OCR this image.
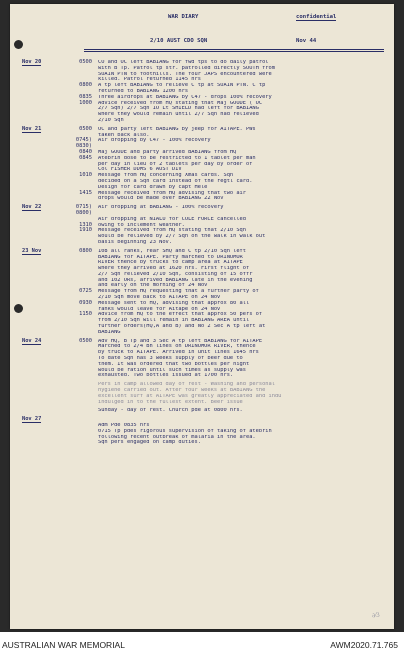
WAR DIARY	confidential
2/10 AUST CDO SQN	Nov 44
Nov 20	0500	CO and OC left BABIANG for fwd tps to do daily patrol
with B Tp. Patrol tp str. patrolled directly SOUTH from
SUAIN PTN to foothills. The four JAPS encountered were
killed. Patrol returned 1145 hrs
0800	A tp left BABIANG to relieve C tp at SUAIN PTN. C tp
returned to BABIANG 1200 hrs
0835	Three airdrops at BABIANG by C47 - drops 100% recovery
1000	Advice received from HQ stating that Maj GOODE ( OC
2/7 Sqn) 2/7 Sqn IO Lt SHIELD had left for BABIANG
where they would remain until 2/7 Sqn had relieved
2/10 Sqn
Nov 21	0500	OC and party left BABIANG by jeep for AITAPE. PWs
taken back also.
0745)	Air dropping by C47 - 100% recovery
0830)
0840	Maj GOODE and party arrived BABIANG from HQ
0845	Atebrin dose to be restricted to 1 tablet per man
per day in lieu of 2 tablets per day by order of
Col FISHER DDMS 6 AUST DIV
1010	Message from HQ concerning Xmas cards. Sqn
decided on a Sqn card instead of the regtl card.
Design for card drawn by capt Hele
1415	Message received from HQ advising that two air
drops would be made over BABIANG 22 Nov
Nov 22	0715)	Air dropping at BABIANG - 100% recovery
0800)
Air dropping at NIALU for COLE FORCE cancelled
1310	owing to inclement weather.
1910	Message received from HQ stating that 2/10 Sqn
would be relieved by 2/7 Sqn on the walk in walk out
basis beginning 23 Nov.
23 Nov	0800	108 all ranks, rear SHQ and C tp 2/10 Sqn left
BABIANG for AITAPE. Party marched to DRINUMOR
RIVER thence by trucks to camp area at AITAPE
where they arrived at 1620 hrs. First flight of
2/7 Sqn relieved 2/10 Sqn, consisting of 15 offr
and 102 ORs, arrived BABIANG late in the evening
and early on the morning of 24 Nov
0725	Message from HQ requesting that a further party of
2/10 Sqn move back to AITAPE on 24 Nov
0930	Message sent to HQ, advising that approx 80 all
ranks would leave for Aitape on 24 Nov
1150	Advice from HQ to the effect that approx 50 pers of
from 2/10 Sqn will remain in BABIANG AREA until
further orders(HQ,A and B) and No 2 Sec A tp left at
BABIANG
Nov 24	0500	Adv HQ, B Tp and 3 Sec A tp left BABIANG for AITAPE
Marched to 2/4 Bn lines on DRINUMOR RIVER, thence
by truck to AITAPE. Arrived in unit lines 1645 hrs
To date Sqn has 3 weeks supply of beer due to
them. It was ordered that two bottles per night
would be ration until such times as supply was
exhausted. Two bottles issued at 1700 hrs.
Pers in camp allowed day of rest - Washing and personal
hygiene carried out. After four weeks at BABIANG the
excellent surf at AITAPE was greatly appreciated and indu
indulged in to the fullest extent. Beer issue
Sunday - day of rest. Church pde at 0800 hrs.
Nov 27
Adm Pde 0835 hrs
0715 Tp pdes rigorous supervision of taking of atebrin
following recent outbreak of malaria in the area.
Sqn pers engaged on camp duties.
∂⁄3
AUSTRALIAN WAR MEMORIAL	AWM2020.71.765
